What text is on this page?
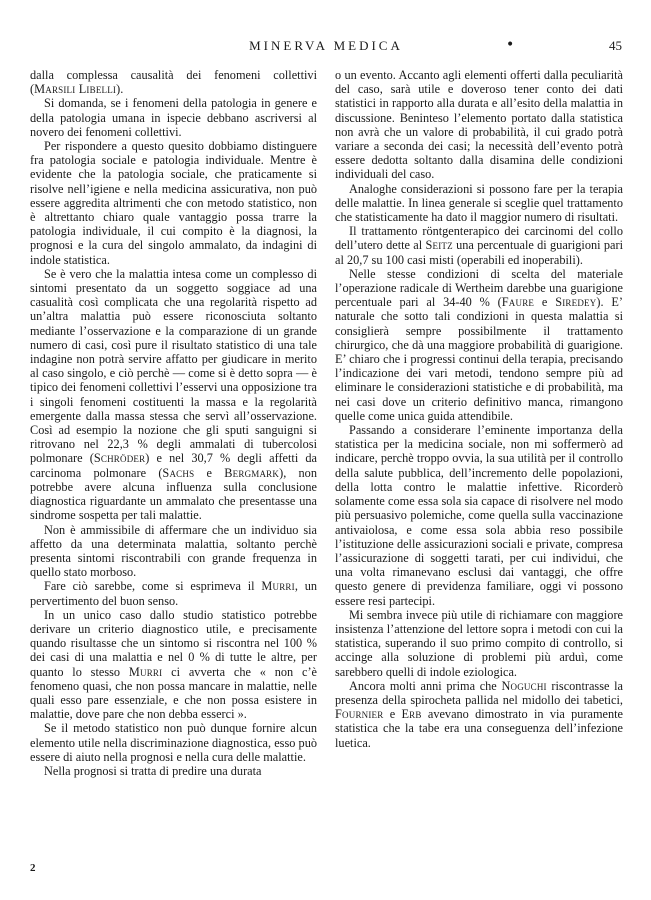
MINERVA MEDICA	•	45

dalla complessa causalità dei fenomeni collettivi (Marsili Libelli).

Si domanda, se i fenomeni della patologia in genere e della patologia umana in ispecie debbano ascriversi al novero dei fenomeni collettivi.

Per rispondere a questo quesito dobbiamo distinguere fra patologia sociale e patologia individuale. Mentre è evidente che la patologia sociale, che praticamente si risolve nell’igiene e nella medicina assicurativa, non può essere aggredita altrimenti che con metodo statistico, non è altrettanto chiaro quale vantaggio possa trarre la patologia individuale, il cui compito è la diagnosi, la prognosi e la cura del singolo ammalato, da indagini di indole statistica.

Se è vero che la malattia intesa come un complesso di sintomi presentato da un soggetto soggiace ad una casualità così complicata che una regolarità rispetto ad un’altra malattia può essere riconosciuta soltanto mediante l’osservazione e la comparazione di un grande numero di casi, così pure il risultato statistico di una tale indagine non potrà servire affatto per giudicare in merito al caso singolo, e ciò perchè — come si è detto sopra — è tipico dei fenomeni collettivi l’esservi una opposizione tra i singoli fenomeni costituenti la massa e la regolarità emergente dalla massa stessa che servì all’osservazione. Così ad esempio la nozione che gli sputi sanguigni si ritrovano nel 22,3 % degli ammalati di tubercolosi polmonare (Schröder) e nel 30,7 % degli affetti da carcinoma polmonare (Sachs e Bergmark), non potrebbe avere alcuna influenza sulla conclusione diagnostica riguardante un ammalato che presentasse una sindrome sospetta per tali malattie.

Non è ammissibile di affermare che un individuo sia affetto da una determinata malattia, soltanto perchè presenta sintomi riscontrabili con grande frequenza in quello stato morboso.

Fare ciò sarebbe, come si esprimeva il Murri, un pervertimento del buon senso.

In un unico caso dallo studio statistico potrebbe derivare un criterio diagnostico utile, e precisamente quando risultasse che un sintomo si riscontra nel 100 % dei casi di una malattia e nel 0 % di tutte le altre, per quanto lo stesso Murri ci avverta che « non c’è fenomeno quasi, che non possa mancare in malattie, nelle quali esso pare essenziale, e che non possa esistere in malattie, dove pare che non debba esserci ».

Se il metodo statistico non può dunque fornire alcun elemento utile nella discriminazione diagnostica, esso può essere di aiuto nella prognosi e nella cura delle malattie.

Nella prognosi si tratta di predire una durata

o un evento. Accanto agli elementi offerti dalla peculiarità del caso, sarà utile e doveroso tener conto dei dati statistici in rapporto alla durata e all’esito della malattia in discussione. Beninteso l’elemento portato dalla statistica non avrà che un valore di probabilità, il cui grado potrà variare a seconda dei casi; la necessità dell’evento potrà essere dedotta soltanto dalla disamina delle condizioni individuali del caso.

Analoghe considerazioni si possono fare per la terapia delle malattie. In linea generale si sceglie quel trattamento che statisticamente ha dato il maggior numero di risultati.

Il trattamento röntgenterapico dei carcinomi del collo dell’utero dette al Seitz una percentuale di guarigioni pari al 20,7 su 100 casi misti (operabili ed inoperabili).

Nelle stesse condizioni di scelta del materiale l’operazione radicale di Wertheim darebbe una guarigione percentuale pari al 34-40 % (Faure e Siredey). E’ naturale che sotto tali condizioni in questa malattia si consiglierà sempre possibilmente il trattamento chirurgico, che dà una maggiore probabilità di guarigione. E’ chiaro che i progressi continui della terapia, precisando l’indicazione dei vari metodi, tendono sempre più ad eliminare le considerazioni statistiche e di probabilità, ma nei casi dove un criterio definitivo manca, rimangono quelle come unica guida attendibile.

Passando a considerare l’eminente importanza della statistica per la medicina sociale, non mi soffermerò ad indicare, perchè troppo ovvia, la sua utilità per il controllo della salute pubblica, dell’incremento delle popolazioni, della lotta contro le malattie infettive. Ricorderò solamente come essa sola sia capace di risolvere nel modo più persuasivo polemiche, come quella sulla vaccinazione antivaiolosa, e come essa sola abbia reso possibile l’istituzione delle assicurazioni sociali e private, compresa l’assicurazione di soggetti tarati, per cui individui, che una volta rimanevano esclusi dai vantaggi, che offre questo genere di previdenza familiare, oggi vi possono essere resi partecipi.

Mi sembra invece più utile di richiamare con maggiore insistenza l’attenzione del lettore sopra i metodi con cui la statistica, superando il suo primo compito di controllo, si accinge alla soluzione di problemi più arduì, come sarebbero quelli di indole eziologica.

Ancora molti anni prima che Noguchi riscontrasse la presenza della spirocheta pallida nel midollo dei tabetici, Fournier e Erb avevano dimostrato in via puramente statistica che la tabe era una conseguenza dell’infezione luetica.

2
